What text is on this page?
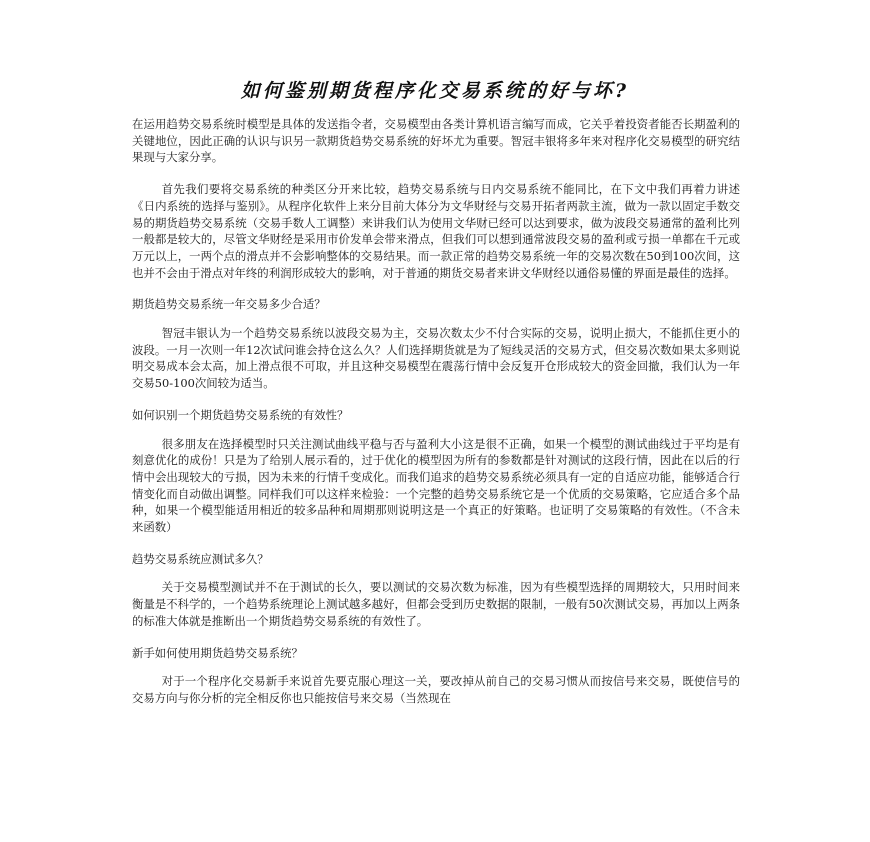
如何鉴别期货程序化交易系统的好与坏?

在运用趋势交易系统时模型是具体的发送指令者，交易模型由各类计算机语言编写而成，它关乎着投资者能否长期盈利的关键地位，因此正确的认识与识另一款期货趋势交易系统的好坏尤为重要。智冠丰银将多年来对程序化交易模型的研究结果现与大家分享。

首先我们要将交易系统的种类区分开来比较，趋势交易系统与日内交易系统不能同比，在下文中我们再着力讲述《日内系统的选择与鉴别》。从程序化软件上来分目前大体分为文华财经与交易开拓者两款主流，做为一款以固定手数交易的期货趋势交易系统（交易手数人工调整）来讲我们认为使用文华财已经可以达到要求，做为波段交易通常的盈利比列一般都是较大的，尽管文华财经是采用市价发单会带来滑点，但我们可以想到通常波段交易的盈利或亏损一单都在千元或万元以上，一两个点的滑点并不会影响整体的交易结果。而一款正常的趋势交易系统一年的交易次数在50到100次间，这也并不会由于滑点对年终的利润形成较大的影响，对于普通的期货交易者来讲文华财经以通俗易懂的界面是最佳的选择。

期货趋势交易系统一年交易多少合适？

智冠丰银认为一个趋势交易系统以波段交易为主，交易次数太少不付合实际的交易，说明止损大，不能抓住更小的波段。一月一次则一年12次试问谁会持仓这么久？人们选择期货就是为了短线灵活的交易方式，但交易次数如果太多则说明交易成本会太高，加上滑点很不可取，并且这种交易模型在震荡行情中会反复开仓形成较大的资金回撤，我们认为一年交易50-100次间较为适当。

如何识别一个期货趋势交易系统的有效性？

很多朋友在选择模型时只关注测试曲线平稳与否与盈利大小这是很不正确，如果一个模型的测试曲线过于平均是有刻意优化的成份！只是为了给别人展示看的，过于优化的模型因为所有的参数都是针对测试的这段行情，因此在以后的行情中会出现较大的亏损，因为未来的行情千变成化。而我们追求的趋势交易系统必须具有一定的自适应功能，能够适合行情变化而自动做出调整。同样我们可以这样来检验：一个完整的趋势交易系统它是一个优质的交易策略，它应适合多个品种，如果一个模型能适用相近的较多品种和周期那则说明这是一个真正的好策略。也证明了交易策略的有效性。（不含未来函数）

趋势交易系统应测试多久？

关于交易模型测试并不在于测试的长久，要以测试的交易次数为标准，因为有些模型选择的周期较大，只用时间来衡量是不科学的，一个趋势系统理论上测试越多越好，但都会受到历史数据的限制，一般有50次测试交易，再加以上两条的标准大体就是推断出一个期货趋势交易系统的有效性了。

新手如何使用期货趋势交易系统？

对于一个程序化交易新手来说首先要克服心理这一关，要改掉从前自己的交易习惯从而按信号来交易，既使信号的交易方向与你分析的完全相反你也只能按信号来交易（当然现在
